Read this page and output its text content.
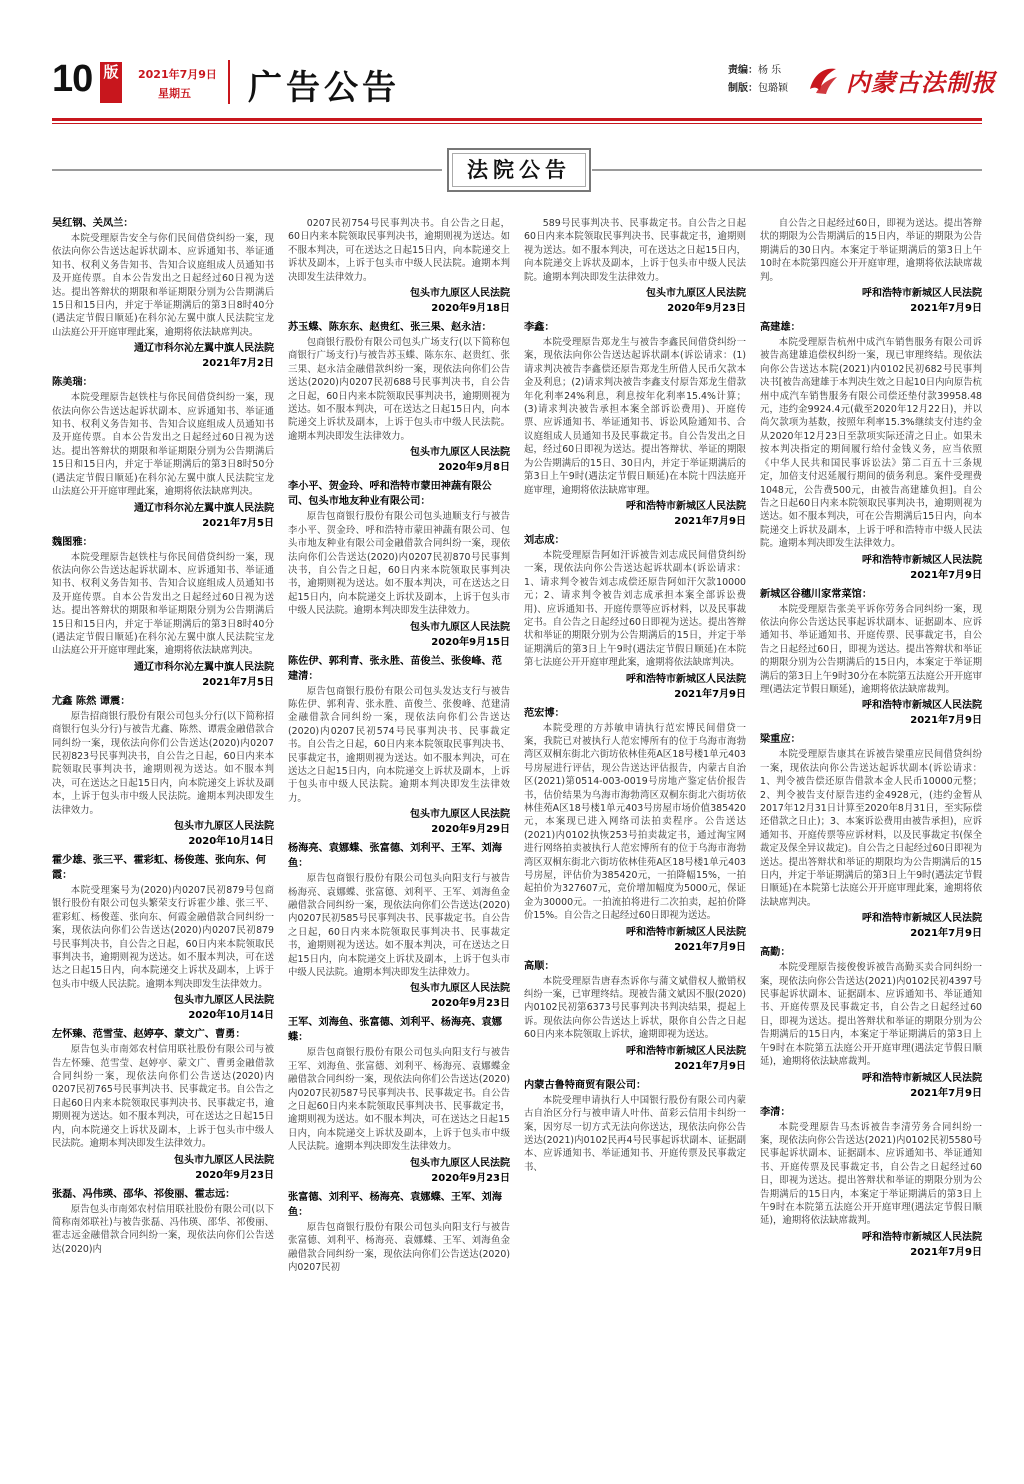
10 版	2021年7月9日
星期五 广告公告	责编：杨 乐
制版：包璐颖 内蒙古法制报
法院公告
吴红钢、关凤兰：
本院受理原告安全与你们民间借贷纠纷一案，现依法向你公告送达起诉状副本、应诉通知书、举证通知书、权利义务告知书、告知合议庭组成人员通知书及开庭传票。自本公告发出之日起经过60日视为送达。提出答辩状的期限和举证期限分别为公告期满后15日和15日内，并定于举证期满后的第3日8时40分(遇法定节假日顺延)在科尔沁左翼中旗人民法院宝龙山法庭公开开庭审理此案，逾期将依法缺席判决。
通辽市科尔沁左翼中旗人民法院
2021年7月2日
陈美瑞：
本院受理原告赵铁柱与你民间借贷纠纷一案，现依法向你公告送达起诉状副本、应诉通知书、举证通知书、权利义务告知书、告知合议庭组成人员通知书及开庭传票。自本公告发出之日起经过60日视为送达。提出答辩状的期限和举证期限分别为公告期满后15日和15日内，并定于举证期满后的第3日8时50分(遇法定节假日顺延)在科尔沁左翼中旗人民法院宝龙山法庭公开开庭审理此案，逾期将依法缺席判决。
通辽市科尔沁左翼中旗人民法院
2021年7月5日
魏图雅：
本院受理原告赵铁柱与你民间借贷纠纷一案，现依法向你公告送达起诉状副本、应诉通知书、举证通知书、权利义务告知书、告知合议庭组成人员通知书及开庭传票。自本公告发出之日起经过60日视为送达。提出答辩状的期限和举证期限分别为公告期满后15日和15日内，并定于举证期满后的第3日8时40分(遇法定节假日顺延)在科尔沁左翼中旗人民法院宝龙山法庭公开开庭审理此案，逾期将依法缺席判决。
通辽市科尔沁左翼中旗人民法院
2021年7月5日
尤鑫 陈然 谭震：
原告招商银行股份有限公司包头分行(以下简称招商银行包头分行)与被告尤鑫、陈然、谭震金融借款合同纠纷一案，现依法向你们公告送达(2020)内0207民初823号民事判决书，自公告之日起，60日内来本院领取民事判决书，逾期则视为送达。如不服本判决，可在送达之日起15日内，向本院递交上诉状及副本，上诉于包头市中级人民法院。逾期本判决即发生法律效力。
包头市九原区人民法院
2020年10月14日
霍少雄、张三平、霍彩虹、杨俊莲、张向东、何霞：
本院受理案号为(2020)内0207民初879号包商银行股份有限公司包头繁荣支行诉霍少雄、张三平、霍彩虹、杨俊莲、张向东、何霞金融借款合同纠纷一案，现依法向你们公告送达(2020)内0207民初879号民事判决书，自公告之日起，60日内来本院领取民事判决书，逾期则视为送达。如不服本判决，可在送达之日起15日内，向本院递交上诉状及副本，上诉于包头市中级人民法院。逾期本判决即发生法律效力。
包头市九原区人民法院
2020年10月14日
左怀臻、范雪莹、赵婷亭、蒙文广、曹勇：
原告包头市南郊农村信用联社股份有限公司与被告左怀臻、范雪莹、赵婷亭、蒙文广、曹勇金融借款合同纠纷一案，现依法向你们公告送达(2020)内0207民初765号民事判决书、民事裁定书。自公告之日起60日内来本院领取民事判决书、民事裁定书，逾期则视为送达。如不服本判决，可在送达之日起15日内，向本院递交上诉状及副本，上诉于包头市中级人民法院。逾期本判决即发生法律效力。
包头市九原区人民法院
2020年9月23日
张磊、冯伟瑛、邵华、祁俊丽、霍志远：
原告包头市南郊农村信用联社股份有限公司(以下简称南郊联社)与被告张磊、冯伟瑛、邵华、祁俊丽、霍志远金融借款合同纠纷一案，现依法向你们公告送达(2020)内
0207民初754号民事判决书。自公告之日起，60日内来本院领取民事判决书，逾期则视为送达。如不服本判决，可在送达之日起15日内，向本院递交上诉状及副本，上诉于包头市中级人民法院。逾期本判决即发生法律效力。
包头市九原区人民法院
2020年9月18日
苏玉蝶、陈东东、赵贵红、张三果、赵永洁：
包商银行股份有限公司包头广场支行(以下简称包商银行广场支行)与被告苏玉蝶、陈东东、赵贵红、张三果、赵永洁金融借款纠纷一案，现依法向你们公告送达(2020)内0207民初688号民事判决书，自公告之日起，60日内来本院领取民事判决书，逾期则视为送达。如不服本判决，可在送达之日起15日内，向本院递交上诉状及副本，上诉于包头市中级人民法院。逾期本判决即发生法律效力。
包头市九原区人民法院
2020年9月8日
李小平、贺金玲、呼和浩特市蒙田神蔬有限公司、包头市地友种业有限公司：
原告包商银行股份有限公司包头迪顺支行与被告李小平、贺金玲、呼和浩特市蒙田神蔬有限公司、包头市地友种业有限公司金融借款合同纠纷一案，现依法向你们公告送达(2020)内0207民初870号民事判决书，自公告之日起，60日内来本院领取民事判决书，逾期则视为送达。如不服本判决，可在送达之日起15日内，向本院递交上诉状及副本，上诉于包头市中级人民法院。逾期本判决即发生法律效力。
包头市九原区人民法院
2020年9月15日
陈佐伊、郭利青、张永胜、苗俊兰、张俊峰、范建清：
原告包商银行股份有限公司包头发达支行与被告陈佐伊、郭利青、张永胜、苗俊兰、张俊峰、范建清金融借款合同纠纷一案，现依法向你们公告送达(2020)内0207民初574号民事判决书、民事裁定书。自公告之日起，60日内来本院领取民事判决书、民事裁定书，逾期则视为送达。如不服本判决，可在送达之日起15日内，向本院递交上诉状及副本，上诉于包头市中级人民法院。逾期本判决即发生法律效力。
包头市九原区人民法院
2020年9月29日
杨海亮、袁娜蝶、张富德、刘利平、王军、刘海鱼：
原告包商银行股份有限公司包头向阳支行与被告杨海亮、袁娜蝶、张富德、刘利平、王军、刘海鱼金融借款合同纠纷一案，现依法向你们公告送达(2020)内0207民初585号民事判决书、民事裁定书。自公告之日起，60日内来本院领取民事判决书、民事裁定书，逾期则视为送达。如不服本判决，可在送达之日起15日内，向本院递交上诉状及副本，上诉于包头市中级人民法院。逾期本判决即发生法律效力。
包头市九原区人民法院
2020年9月23日
王军、刘海鱼、张富德、刘利平、杨海亮、袁娜蝶：
原告包商银行股份有限公司包头向阳支行与被告王军、刘海鱼、张富德、刘利平、杨海亮、袁娜蝶金融借款合同纠纷一案，现依法向你们公告送达(2020)内0207民初587号民事判决书、民事裁定书。自公告之日起60日内来本院领取民事判决书、民事裁定书，逾期则视为送达。如不服本判决，可在送达之日起15日内，向本院递交上诉状及副本，上诉于包头市中级人民法院。逾期本判决即发生法律效力。
包头市九原区人民法院
2020年9月23日
张富德、刘利平、杨海亮、袁娜蝶、王军、刘海鱼：
原告包商银行股份有限公司包头向阳支行与被告张富德、刘利平、杨海亮、袁娜蝶、王军、刘海鱼金融借款合同纠纷一案，现依法向你们公告送达(2020)内0207民初
589号民事判决书、民事裁定书。自公告之日起60日内来本院领取民事判决书、民事裁定书，逾期则视为送达。如不服本判决，可在送达之日起15日内，向本院递交上诉状及副本，上诉于包头市中级人民法院。逾期本判决即发生法律效力。
包头市九原区人民法院
2020年9月23日
李鑫：
本院受理原告郑龙生与被告李鑫民间借贷纠纷一案，现依法向你公告送达起诉状副本(诉讼请求：(1)请求判决被告李鑫偿还原告郑龙生所借人民币欠款本金及利息；(2)请求判决被告李鑫支付原告郑龙生借款年化利率24%利息，利息按年化利率15.4%计算；(3)请求判决被告承担本案全部诉讼费用)、开庭传票、应诉通知书、举证通知书、诉讼风险通知书、合议庭组成人员通知书及民事裁定书。自公告发出之日起，经过60日即视为送达。提出答辩状、举证的期限为公告期满后的15日、30日内，并定于举证期满后的第3日上午9时(遇法定节假日顺延)在本院十四法庭开庭审理，逾期将依法缺席审理。
呼和浩特市新城区人民法院
2021年7月9日
刘志成：
本院受理原告阿如汗诉被告刘志成民间借贷纠纷一案，现依法向你公告送达起诉状副本(诉讼请求：1、请求判令被告刘志成偿还原告阿如汗欠款10000元；2、请求判令被告刘志成承担本案全部诉讼费用)、应诉通知书、开庭传票等应诉材料，以及民事裁定书。自公告之日起经过60日即视为送达。提出答辩状和举证的期限分别为公告期满后的15日，并定于举证期满后的第3日上午9时(遇法定节假日顺延)在本院第七法庭公开开庭审理此案，逾期将依法缺席判决。
呼和浩特市新城区人民法院
2021年7月9日
范宏博：
本院受理的方苏敏申请执行范宏博民间借贷一案，我院已对被执行人范宏博所有的位于乌海市海勃湾区双桐东街北六街坊依林佳苑A区18号楼1单元403号房屋进行评估，现公告送达评估报告，内蒙古自治区(2021)第0514-003-0019号房地产鉴定估价报告书，估价结果为乌海市海勃湾区双桐东街北六街坊依林佳苑A区18号楼1单元403号房屋市场价值385420元，本案现已进入网络司法拍卖程序。公告送达(2021)内0102执恢253号拍卖裁定书，通过淘宝网进行网络拍卖被执行人范宏博所有的位于乌海市海勃湾区双桐东街北六街坊依林佳苑A区18号楼1单元403号房屋，评估价为385420元，一拍降幅15%，一拍起拍价为327607元，竞价增加幅度为5000元，保证金为30000元。一拍流拍将进行二次拍卖，起拍价降价15%。自公告之日起经过60日即视为送达。
呼和浩特市新城区人民法院
2021年7月9日
高顺：
本院受理原告唐春杰诉你与蒲文斌借权人撤销权纠纷一案，已审理终结。现被告蒲文斌因不服(2020)内0102民初第6373号民事判决书判决结果，提起上诉。现依法向你公告送达上诉状，限你自公告之日起60日内来本院领取上诉状，逾期即视为送达。
呼和浩特市新城区人民法院
2021年7月9日
内蒙古鲁特商贸有限公司：
本院受理申请执行人中国银行股份有限公司内蒙古自治区分行与被申请人叶伟、苗彩云信用卡纠纷一案，因穷尽一切方式无法向你送达，现依法向你公告送达(2021)内0102民再4号民事起诉状副本、证据副本、应诉通知书、举证通知书、开庭传票及民事裁定书、
自公告之日起经过60日，即视为送达。提出答辩状的期限为公告期满后的15日内，举证的期限为公告期满后的30日内。本案定于举证期满后的第3日上午10时在本院第四庭公开开庭审理，逾期将依法缺席裁判。
呼和浩特市新城区人民法院
2021年7月9日
高建雄：
本院受理原告杭州中成汽车销售服务有限公司诉被告高建雄追偿权纠纷一案，现已审理终结。现依法向你公告送达本院(2021)内0102民初682号民事判决书[被告高建雄于本判决生效之日起10日内向原告杭州中成汽车销售服务有限公司偿还垫付款39958.48元，违约金9924.4元(截至2020年12月22日)，并以尚欠款项为基数，按照年利率15.3%继续支付违约金从2020年12月23日至款项实际还清之日止。如果未按本判决指定的期间履行给付金钱义务，应当依照《中华人民共和国民事诉讼法》第二百五十三条规定，加倍支付迟延履行期间的债务利息。案件受理费1048元，公告费500元，由被告高建雄负担]。自公告之日起60日内来本院领取民事判决书，逾期则视为送达。如不服本判决，可在公告期满后15日内，向本院递交上诉状及副本，上诉于呼和浩特市中级人民法院。逾期本判决即发生法律效力。
呼和浩特市新城区人民法院
2021年7月9日
新城区谷穗川家常菜馆：
本院受理原告张美平诉你劳务合同纠纷一案，现依法向你公告送达民事起诉状副本、证据副本、应诉通知书、举证通知书、开庭传票、民事裁定书，自公告之日起经过60日，即视为送达。提出答辩状和举证的期限分别为公告期满后的15日内，本案定于举证期满后的第3日上午9时30分在本院第五法庭公开开庭审理(遇法定节假日顺延)，逾期将依法缺席裁判。
呼和浩特市新城区人民法院
2021年7月9日
梁重应：
本院受理原告康其在诉被告梁重应民间借贷纠纷一案，现依法向你公告送达起诉状副本(诉讼请求：1、判令被告偿还原告借款本金人民币10000元整；2、判令被告支付原告违约金4928元，(违约金暂从2017年12月31日计算至2020年8月31日，至实际偿还借款之日止)；3、本案诉讼费用由被告承担)，应诉通知书、开庭传票等应诉材料，以及民事裁定书(保全裁定及保全异议裁定)。自公告之日起经过60日即视为送达。提出答辩状和举证的期限均为公告期满后的15日内，并定于举证期满后的第3日上午9时(遇法定节假日顺延)在本院第七法庭公开开庭审理此案，逾期将依法缺席判决。
呼和浩特市新城区人民法院
2021年7月9日
高勤：
本院受理原告接俊俊诉被告高勤买卖合同纠纷一案，现依法向你公告送达(2021)内0102民初4397号民事起诉状副本、证据副本、应诉通知书、举证通知书、开庭传票及民事裁定书，自公告之日起经过60日，即视为送达。提出答辩状和举证的期限分别为公告期满后的15日内，本案定于举证期满后的第3日上午9时在本院第五法庭公开开庭审理(遇法定节假日顺延)，逾期将依法缺席裁判。
呼和浩特市新城区人民法院
2021年7月9日
李清：
本院受理原告马杰诉被告李清劳务合同纠纷一案，现依法向你公告送达(2021)内0102民初5580号民事起诉状副本、证据副本、应诉通知书、举证通知书、开庭传票及民事裁定书，自公告之日起经过60日，即视为送达。提出答辩状和举证的期限分别为公告期满后的15日内，本案定于举证期满后的第3日上午9时在本院第五法庭公开开庭审理(遇法定节假日顺延)，逾期将依法缺席裁判。
呼和浩特市新城区人民法院
2021年7月9日
